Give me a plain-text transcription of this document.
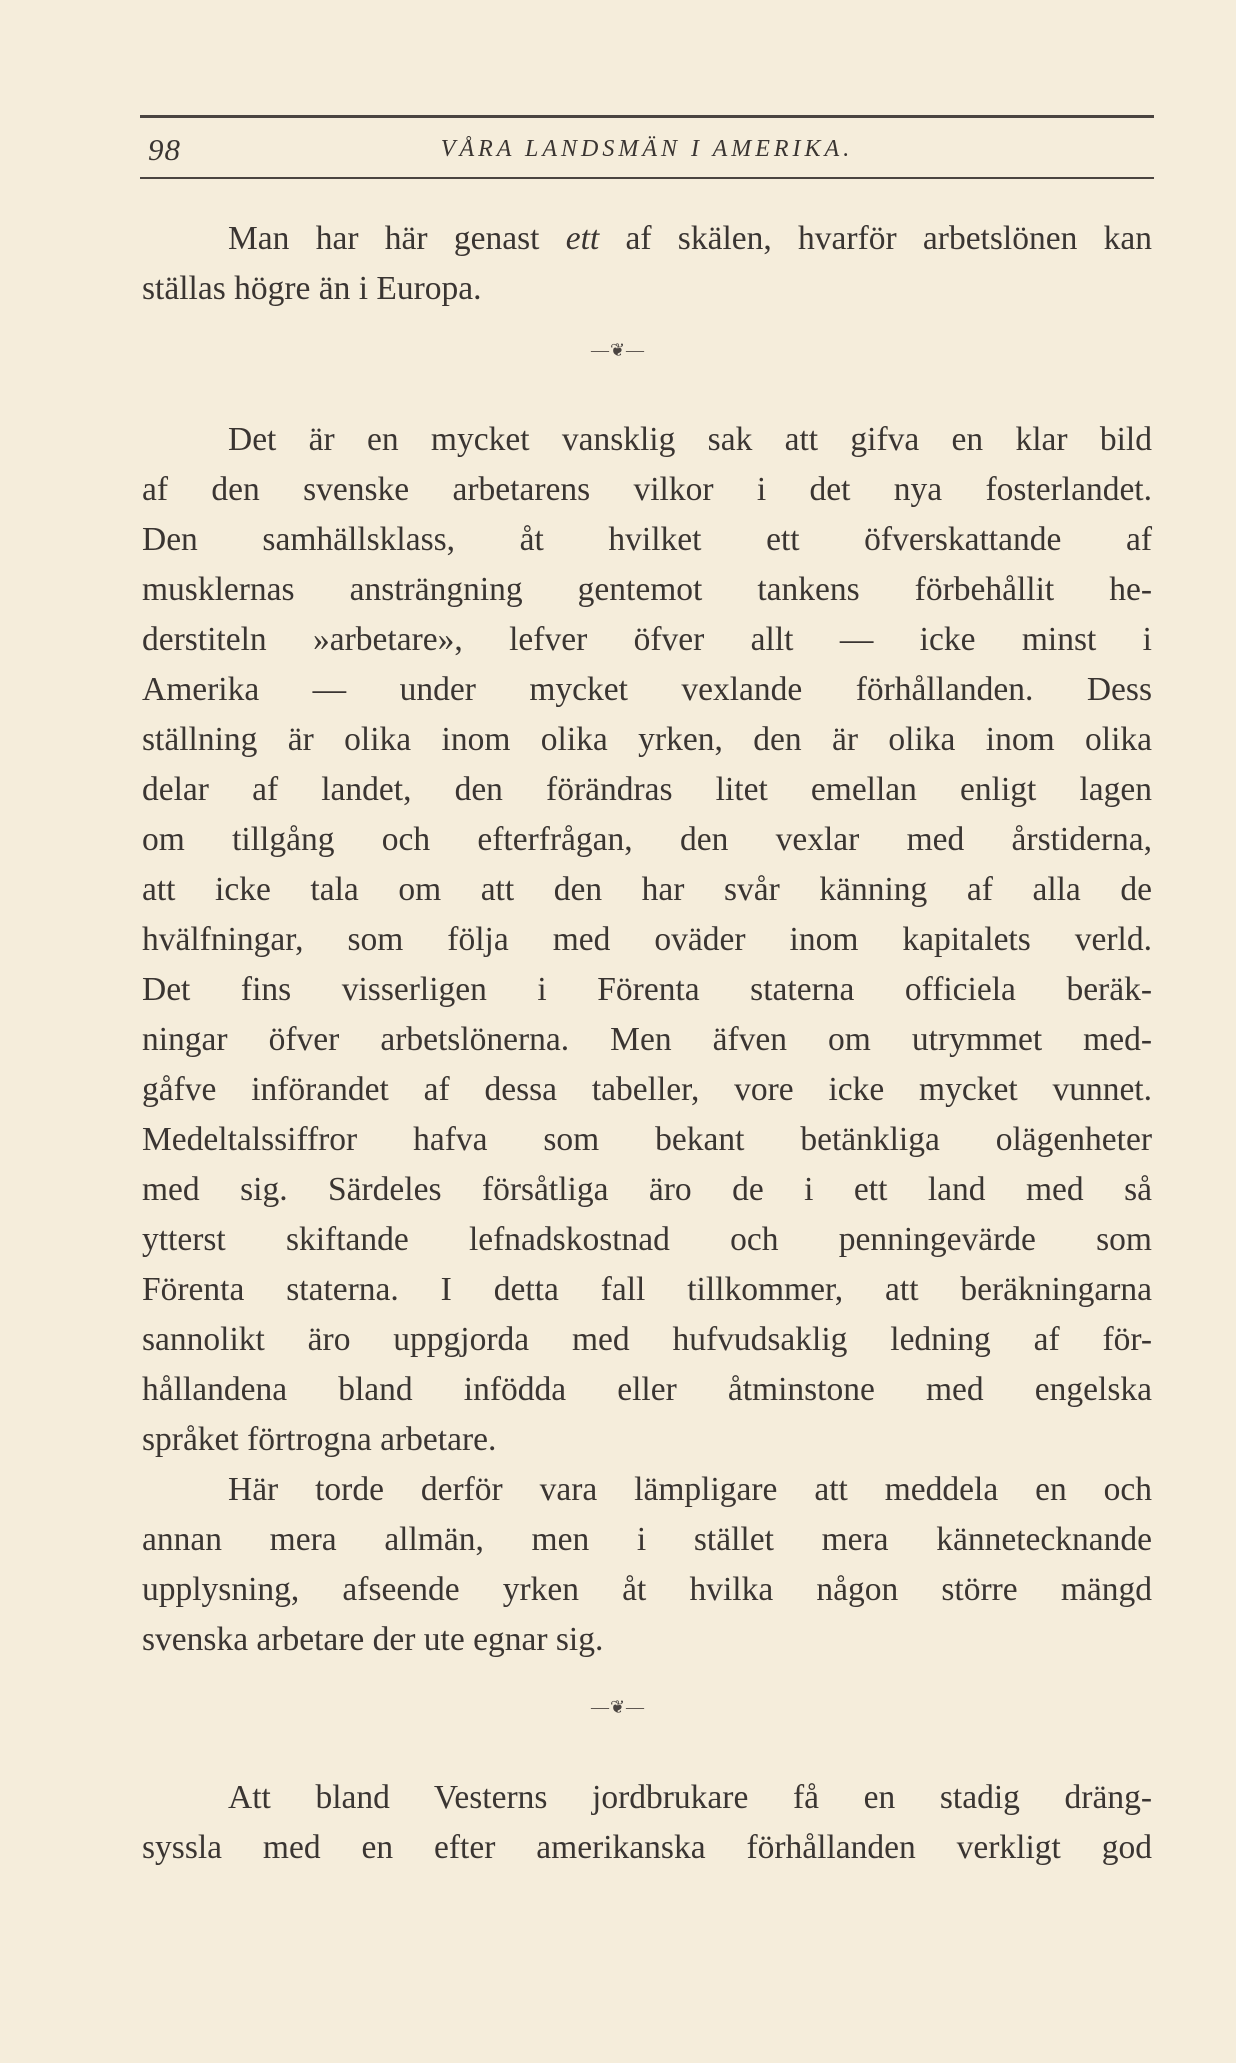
98	VÅRA LANDSMÄN I AMERIKA.
Man har här genast ett af skälen, hvarför arbetslönen kan
ställas högre än i Europa.
—❦—
Det är en mycket vansklig sak att gifva en klar bild
af den svenske arbetarens vilkor i det nya fosterlandet.
Den samhällsklass, åt hvilket ett öfverskattande af
musklernas ansträngning gentemot tankens förbehållit he-
derstiteln »arbetare», lefver öfver allt — icke minst i
Amerika — under mycket vexlande förhållanden. Dess
ställning är olika inom olika yrken, den är olika inom olika
delar af landet, den förändras litet emellan enligt lagen
om tillgång och efterfrågan, den vexlar med årstiderna,
att icke tala om att den har svår känning af alla de
hvälfningar, som följa med oväder inom kapitalets verld.
Det fins visserligen i Förenta staterna officiela beräk-
ningar öfver arbetslönerna. Men äfven om utrymmet med-
gåfve införandet af dessa tabeller, vore icke mycket vunnet.
Medeltalssiffror hafva som bekant betänkliga olägenheter
med sig. Särdeles försåtliga äro de i ett land med så
ytterst skiftande lefnadskostnad och penningevärde som
Förenta staterna. I detta fall tillkommer, att beräkningarna
sannolikt äro uppgjorda med hufvudsaklig ledning af för-
hållandena bland infödda eller åtminstone med engelska
språket förtrogna arbetare.
Här torde derför vara lämpligare att meddela en och
annan mera allmän, men i stället mera kännetecknande
upplysning, afseende yrken åt hvilka någon större mängd
svenska arbetare der ute egnar sig.
—❦—
Att bland Vesterns jordbrukare få en stadig dräng-
syssla med en efter amerikanska förhållanden verkligt god
